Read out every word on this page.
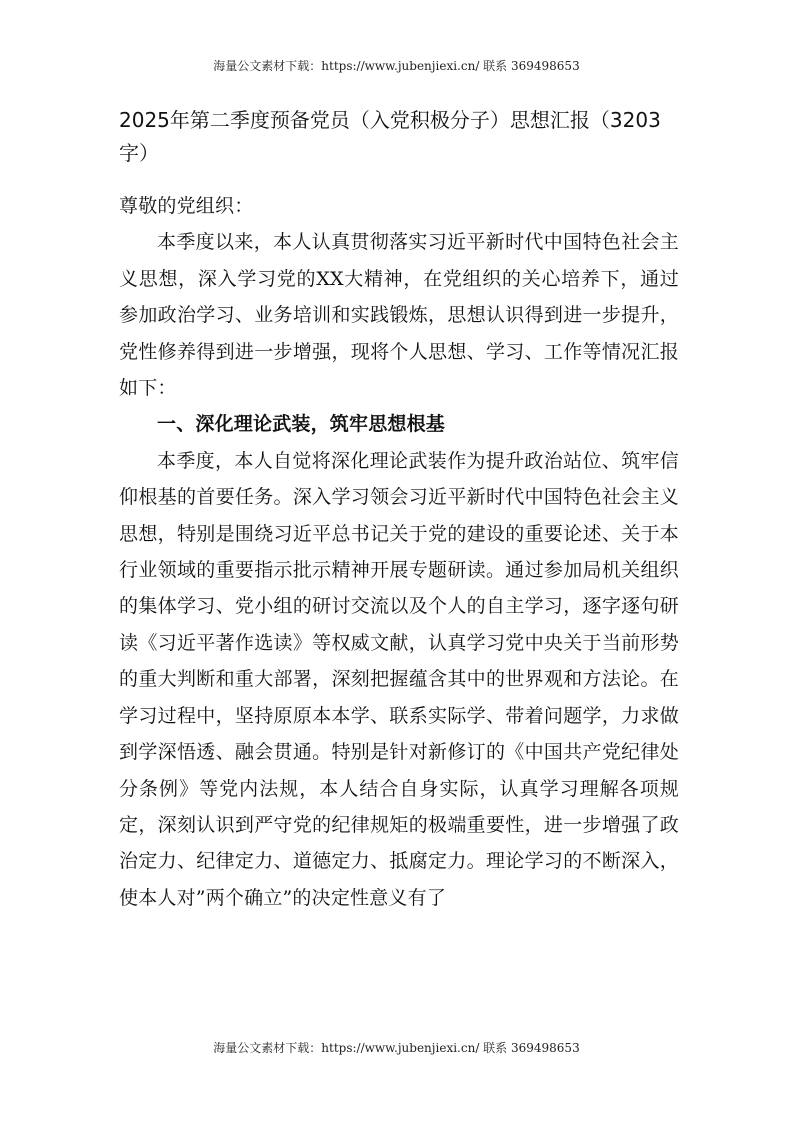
海量公文素材下载：https://www.jubenjiexi.cn/ 联系 369498653
2025年第二季度预备党员（入党积极分子）思想汇报（3203字）

尊敬的党组织：

本季度以来，本人认真贯彻落实习近平新时代中国特色社会主义思想，深入学习党的XX大精神，在党组织的关心培养下，通过参加政治学习、业务培训和实践锻炼，思想认识得到进一步提升，党性修养得到进一步增强，现将个人思想、学习、工作等情况汇报如下：

一、深化理论武装，筑牢思想根基

本季度，本人自觉将深化理论武装作为提升政治站位、筑牢信仰根基的首要任务。深入学习领会习近平新时代中国特色社会主义思想，特别是围绕习近平总书记关于党的建设的重要论述、关于本行业领域的重要指示批示精神开展专题研读。通过参加局机关组织的集体学习、党小组的研讨交流以及个人的自主学习，逐字逐句研读《习近平著作选读》等权威文献，认真学习党中央关于当前形势的重大判断和重大部署，深刻把握蕴含其中的世界观和方法论。在学习过程中，坚持原原本本学、联系实际学、带着问题学，力求做到学深悟透、融会贯通。特别是针对新修订的《中国共产党纪律处分条例》等党内法规，本人结合自身实际，认真学习理解各项规定，深刻认识到严守党的纪律规矩的极端重要性，进一步增强了政治定力、纪律定力、道德定力、抵腐定力。理论学习的不断深入，使本人对”两个确立”的决定性意义有了

海量公文素材下载：https://www.jubenjiexi.cn/ 联系 369498653
